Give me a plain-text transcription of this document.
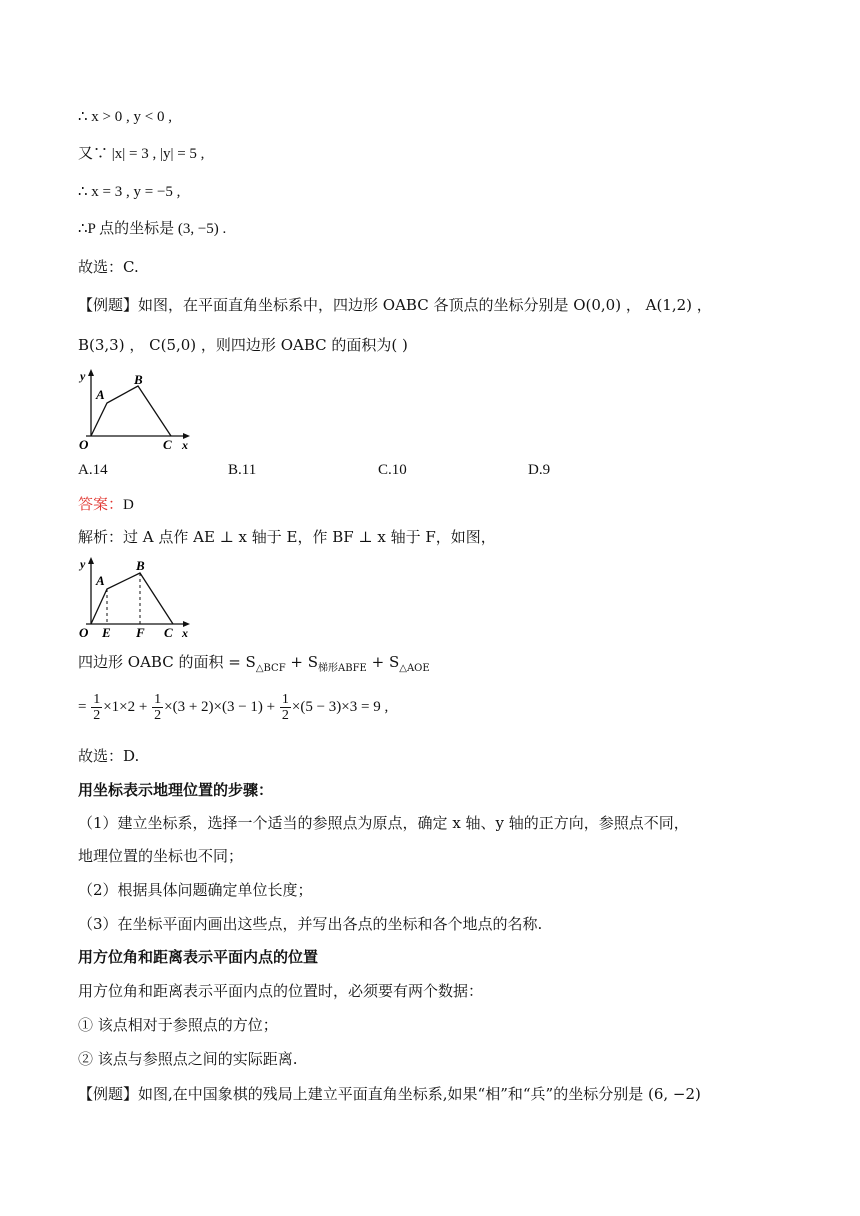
∴ x > 0 , y < 0 ,
又∵ |x| = 3 , |y| = 5 ,
∴ x = 3 , y = −5 ,
∴P 点的坐标是 (3, −5) .
故选：C.
【例题】如图，在平面直角坐标系中，四边形 OABC 各顶点的坐标分别是 O(0,0) ， A(1,2) ，
B(3,3) ， C(5,0) ，则四边形 OABC 的面积为( )
y
A
B
O	C x
A.14	B.11	C.10	D.9
答案：D
解析：过 A 点作 AE ⊥ x 轴于 E，作 BF ⊥ x 轴于 F，如图，
y
A
B
O E F C x
四边形 OABC 的面积 = $S_{\triangle BCF} + S_{梯形ABFE} + S_{\triangle AOE}$
= $\frac{1}{2} \times 1\times 2 + \frac{1}{2} \times(3 + 2)\times(3 - 1) + \frac{1}{2} \times(5 - 3)\times 3 = 9$ ,
故选：D.
用坐标表示地理位置的步骤：
（1）建立坐标系，选择一个适当的参照点为原点，确定 x 轴、y 轴的正方向，参照点不同，
地理位置的坐标也不同；
（2）根据具体问题确定单位长度；
（3）在坐标平面内画出这些点，并写出各点的坐标和各个地点的名称.
用方位角和距离表示平面内点的位置
用方位角和距离表示平面内点的位置时，必须要有两个数据：
① 该点相对于参照点的方位；
② 该点与参照点之间的实际距离.
【例题】如图,在中国象棋的残局上建立平面直角坐标系,如果“相”和“兵”的坐标分别是 (6, −2)
